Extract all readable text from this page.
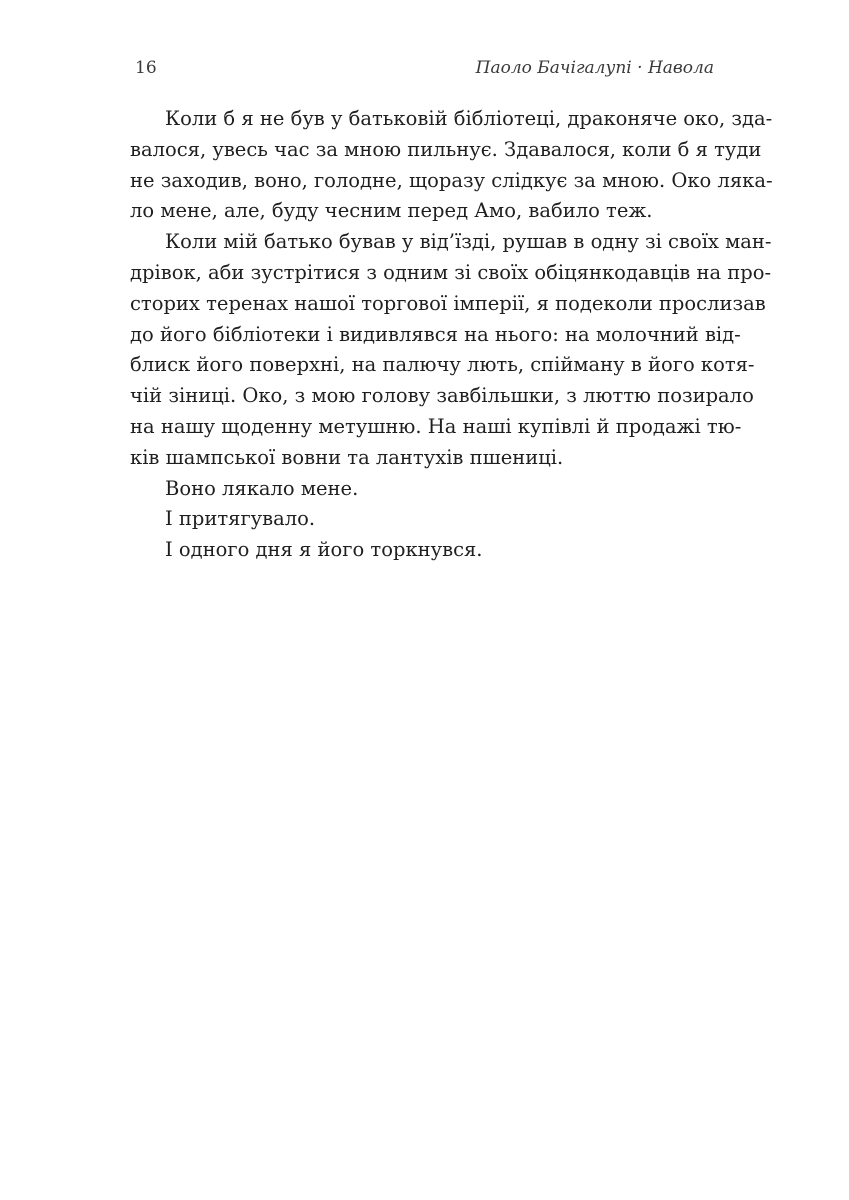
16	Паоло Бачігалупі · Навола

Коли б я не був у батьковій бібліотеці, драконяче око, зда-
валося, увесь час за мною пильнує. Здавалося, коли б я туди
не заходив, воно, голодне, щоразу слідкує за мною. Око ляка-
ло мене, але, буду чесним перед Амо, вабило теж.

Коли мій батько бував у від’їзді, рушав в одну зі своїх ман-
дрівок, аби зустрітися з одним зі своїх обіцянкодавців на про-
сторих теренах нашої торгової імперії, я подеколи прослизав
до його бібліотеки і видивлявся на нього: на молочний від-
блиск його поверхні, на палючу лють, спійману в його котя-
чій зіниці. Око, з мою голову завбільшки, з люттю позирало
на нашу щоденну метушню. На наші купівлі й продажі тю-
ків шампської вовни та лантухів пшениці.

Воно лякало мене.

І притягувало.

І одного дня я його торкнувся.
